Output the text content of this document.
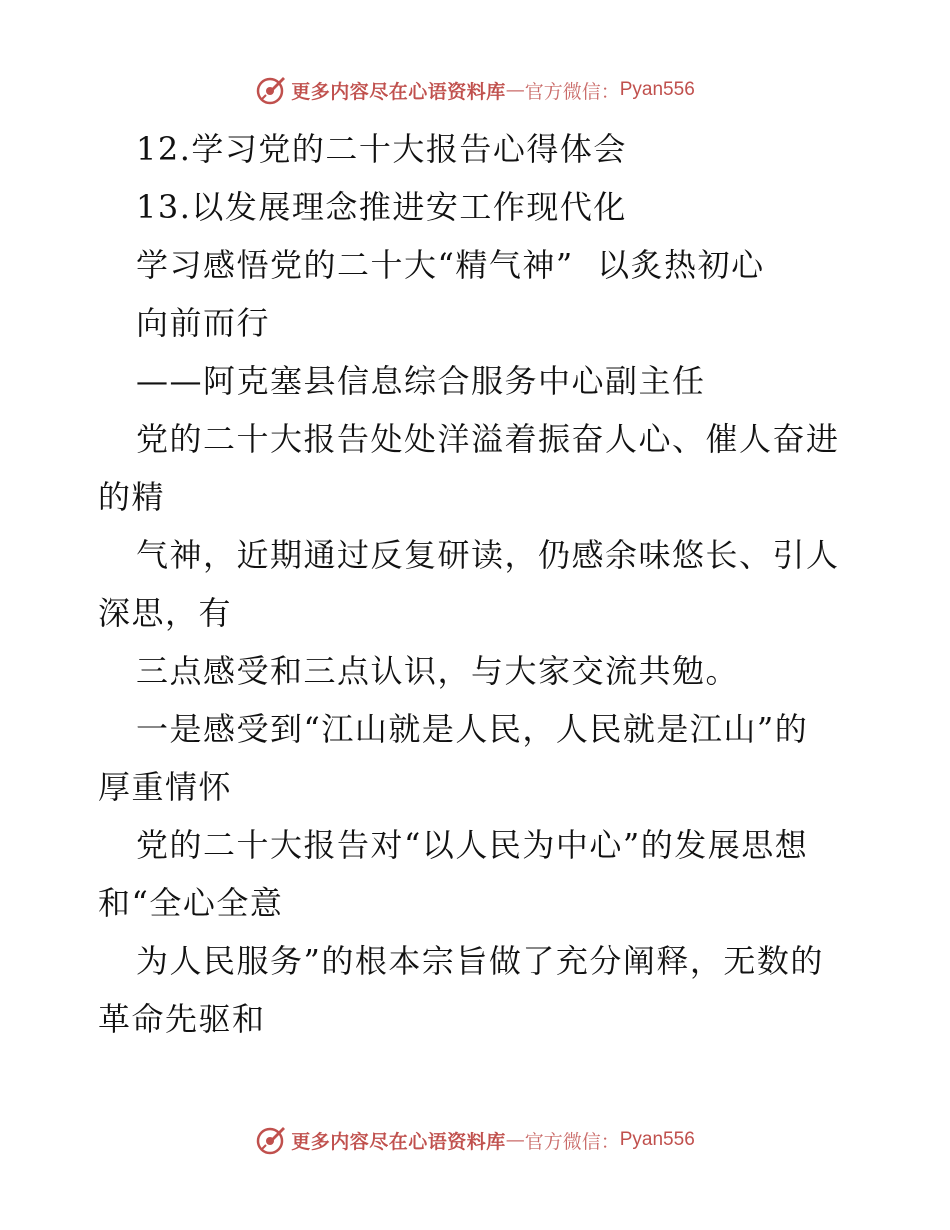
更多内容尽在心语资料库 — 官方微信： Pyan556
12.学习党的二十大报告心得体会
13.以发展理念推进安工作现代化
学习感悟党的二十大“精气神”  以炙热初心
向前而行
——阿克塞县信息综合服务中心副主任
党的二十大报告处处洋溢着振奋人心、催人奋进
的精
气神，近期通过反复研读，仍感余味悠长、引人
深思，有
三点感受和三点认识，与大家交流共勉。
一是感受到“江山就是人民，人民就是江山”的
厚重情怀
党的二十大报告对“以人民为中心”的发展思想
和“全心全意
为人民服务”的根本宗旨做了充分阐释，无数的
革命先驱和
更多内容尽在心语资料库 — 官方微信： Pyan556
